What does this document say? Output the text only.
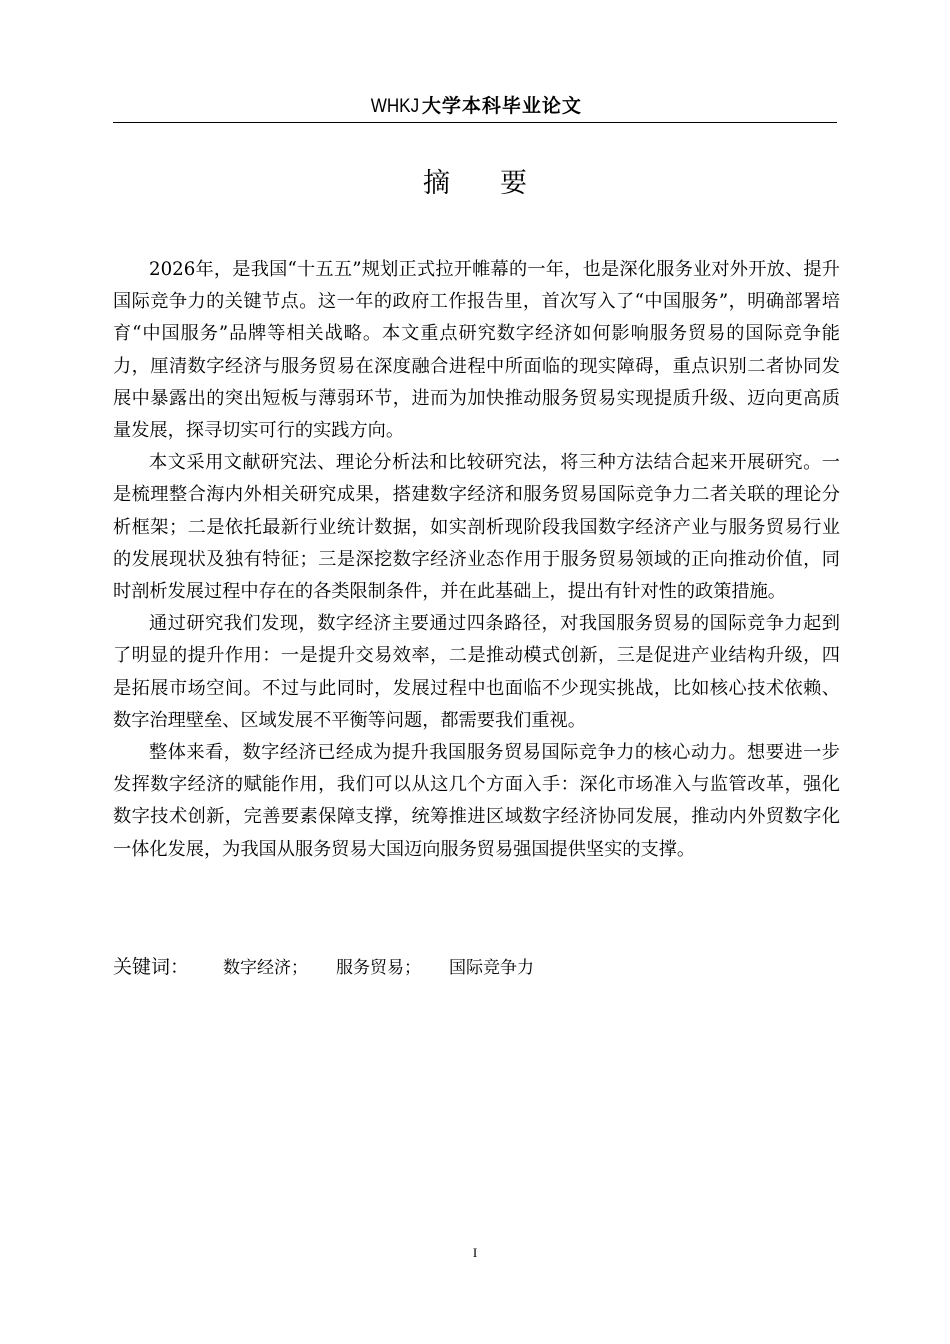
WHKJ 大学本科毕业论文
摘要

2026年，是我国“十五五”规划正式拉开帷幕的一年，也是深化服务业对外开放、提升国际竞争力的关键节点。这一年的政府工作报告里，首次写入了“中国服务”，明确部署培育“中国服务”品牌等相关战略。本文重点研究数字经济如何影响服务贸易的国际竞争能力，厘清数字经济与服务贸易在深度融合进程中所面临的现实障碍，重点识别二者协同发展中暴露出的突出短板与薄弱环节，进而为加快推动服务贸易实现提质升级、迈向更高质量发展，探寻切实可行的实践方向。

本文采用文献研究法、理论分析法和比较研究法，将三种方法结合起来开展研究。一是梳理整合海内外相关研究成果，搭建数字经济和服务贸易国际竞争力二者关联的理论分析框架；二是依托最新行业统计数据，如实剖析现阶段我国数字经济产业与服务贸易行业的发展现状及独有特征；三是深挖数字经济业态作用于服务贸易领域的正向推动价值，同时剖析发展过程中存在的各类限制条件，并在此基础上，提出有针对性的政策措施。

通过研究我们发现，数字经济主要通过四条路径，对我国服务贸易的国际竞争力起到了明显的提升作用：一是提升交易效率，二是推动模式创新，三是促进产业结构升级，四是拓展市场空间。不过与此同时，发展过程中也面临不少现实挑战，比如核心技术依赖、数字治理壁垒、区域发展不平衡等问题，都需要我们重视。

整体来看，数字经济已经成为提升我国服务贸易国际竞争力的核心动力。想要进一步发挥数字经济的赋能作用，我们可以从这几个方面入手：深化市场准入与监管改革，强化数字技术创新，完善要素保障支撑，统筹推进区域数字经济协同发展，推动内外贸数字化一体化发展，为我国从服务贸易大国迈向服务贸易强国提供坚实的支撑。

关键词： 数字经济； 服务贸易； 国际竞争力
I
